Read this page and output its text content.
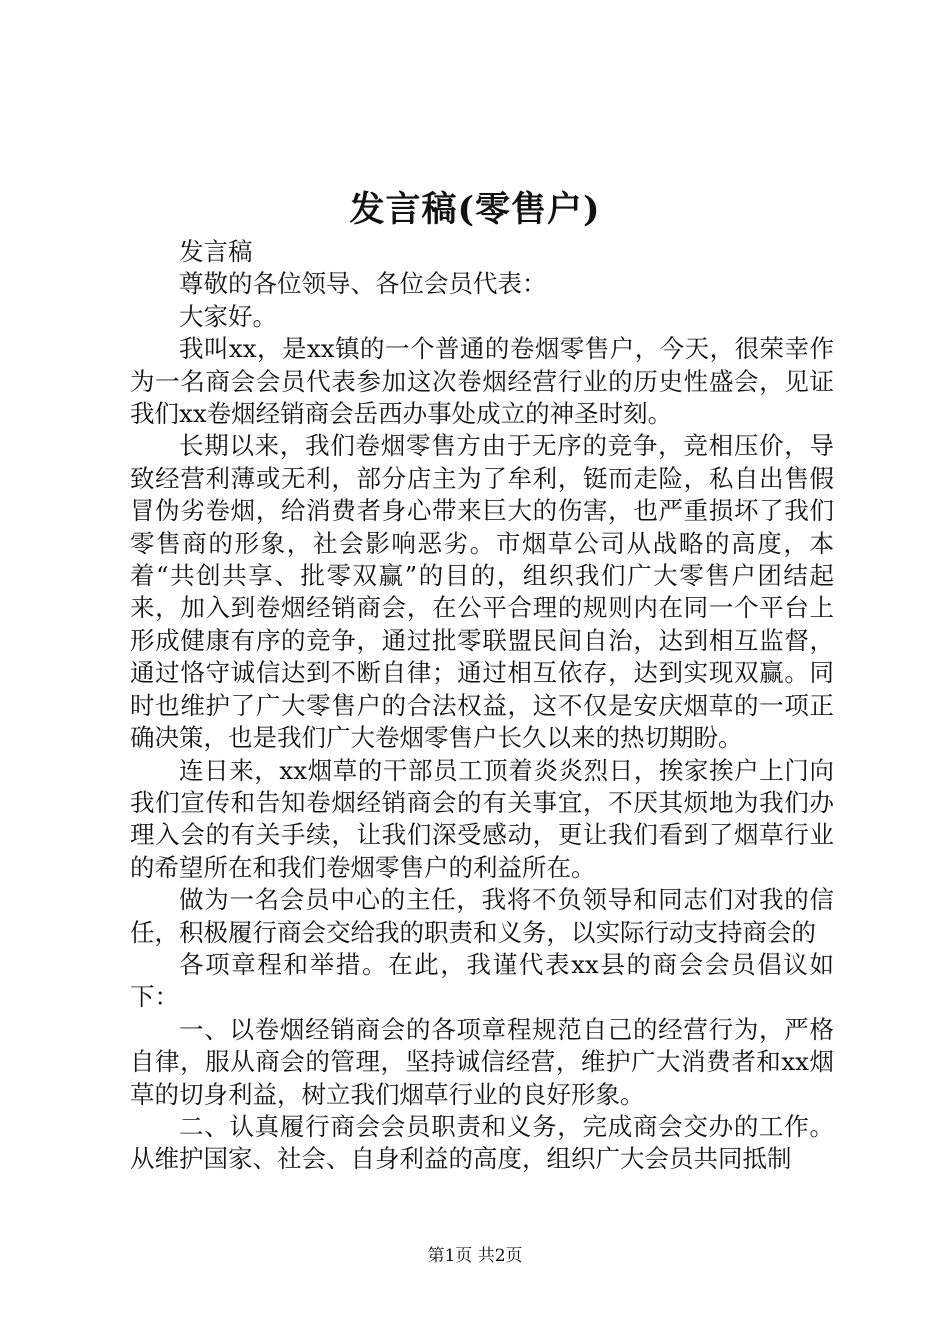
发言稿(零售户)

发言稿

尊敬的各位领导、各位会员代表：

大家好。

我叫xx，是xx镇的一个普通的卷烟零售户，今天，很荣幸作为一名商会会员代表参加这次卷烟经营行业的历史性盛会，见证我们xx卷烟经销商会岳西办事处成立的神圣时刻。

长期以来，我们卷烟零售方由于无序的竞争，竞相压价，导致经营利薄或无利，部分店主为了牟利，铤而走险，私自出售假冒伪劣卷烟，给消费者身心带来巨大的伤害，也严重损坏了我们零售商的形象，社会影响恶劣。市烟草公司从战略的高度，本着“共创共享、批零双赢”的目的，组织我们广大零售户团结起来，加入到卷烟经销商会，在公平合理的规则内在同一个平台上形成健康有序的竞争，通过批零联盟民间自治，达到相互监督，通过恪守诚信达到不断自律；通过相互依存，达到实现双赢。同时也维护了广大零售户的合法权益，这不仅是安庆烟草的一项正确决策，也是我们广大卷烟零售户长久以来的热切期盼。

连日来，xx烟草的干部员工顶着炎炎烈日，挨家挨户上门向我们宣传和告知卷烟经销商会的有关事宜，不厌其烦地为我们办理入会的有关手续，让我们深受感动，更让我们看到了烟草行业的希望所在和我们卷烟零售户的利益所在。

做为一名会员中心的主任，我将不负领导和同志们对我的信任，积极履行商会交给我的职责和义务，以实际行动支持商会的

各项章程和举措。在此，我谨代表xx县的商会会员倡议如下：

一、以卷烟经销商会的各项章程规范自己的经营行为，严格自律，服从商会的管理，坚持诚信经营，维护广大消费者和xx烟草的切身利益，树立我们烟草行业的良好形象。

二、认真履行商会会员职责和义务，完成商会交办的工作。从维护国家、社会、自身利益的高度，组织广大会员共同抵制

第1页 共2页
